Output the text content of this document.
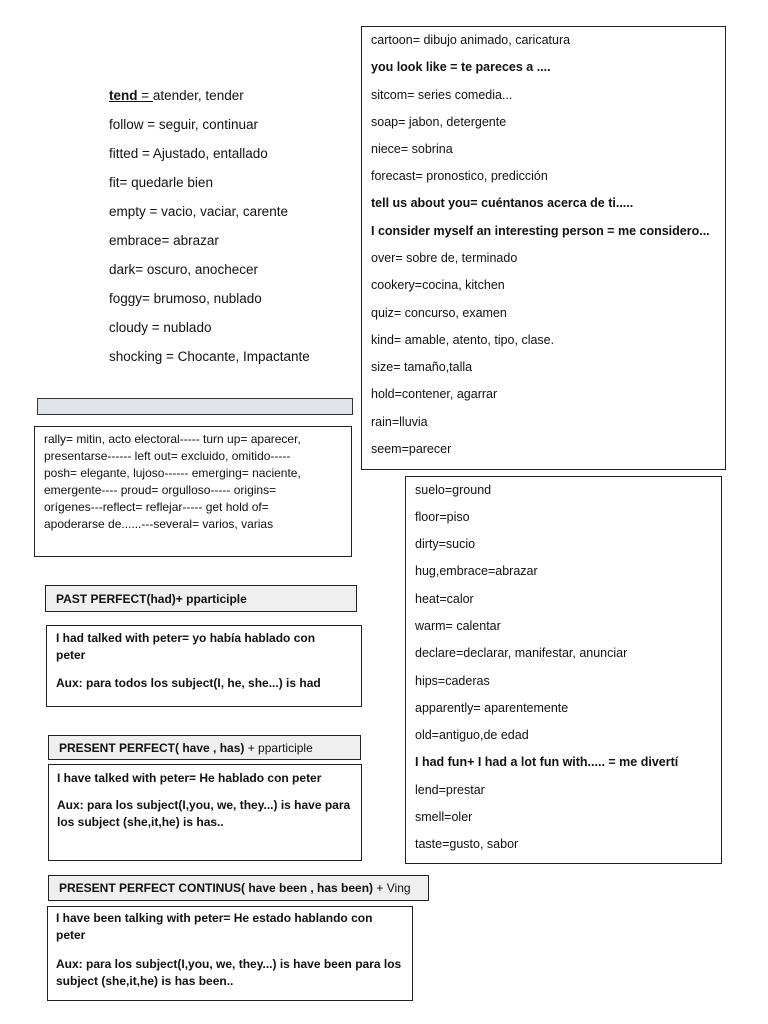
tend = atender, tender
follow = seguir, continuar
fitted = Ajustado, entallado
fit= quedarle bien
empty = vacio, vaciar, carente
embrace= abrazar
dark= oscuro, anochecer
foggy= brumoso, nublado
cloudy = nublado
shocking = Chocante, Impactante
cartoon= dibujo animado, caricatura
you look like = te pareces a ....
sitcom= series comedia...
soap= jabon, detergente
niece= sobrina
forecast= pronostico, predicción
tell us about you= cuéntanos acerca de ti.....
I consider myself an interesting person = me considero...
over= sobre de, terminado
cookery=cocina, kitchen
quiz= concurso, examen
kind= amable, atento, tipo, clase.
size= tamaño,talla
hold=contener, agarrar
rain=lluvia
seem=parecer
rally= mitin, acto electoral----- turn up= aparecer,
presentarse------ left out= excluido, omitido-----
posh= elegante, lujoso------ emerging= naciente,
emergente---- proud= orgulloso----- origins=
orígenes---reflect= reflejar----- get hold of=
apoderarse de......---several= varios, varias
suelo=ground
floor=piso
dirty=sucio
hug,embrace=abrazar
heat=calor
warm= calentar
declare=declarar, manifestar, anunciar
hips=caderas
apparently= aparentemente
old=antiguo,de edad
I had fun+ I had a lot fun with..... = me divertí
lend=prestar
smell=oler
taste=gusto, sabor
PAST PERFECT(had)+ pparticiple
I had talked with peter= yo había hablado con peter
Aux: para todos los subject(I, he, she...) is had
PRESENT PERFECT( have , has) + pparticiple
I have talked with peter= He hablado con peter
Aux: para los subject(I,you, we, they...) is have para los subject (she,it,he) is has..
PRESENT PERFECT CONTINUS( have been , has been) + Ving
I have been talking with peter= He estado hablando con peter
Aux: para los subject(I,you, we, they...) is have been para los subject (she,it,he) is has been..
